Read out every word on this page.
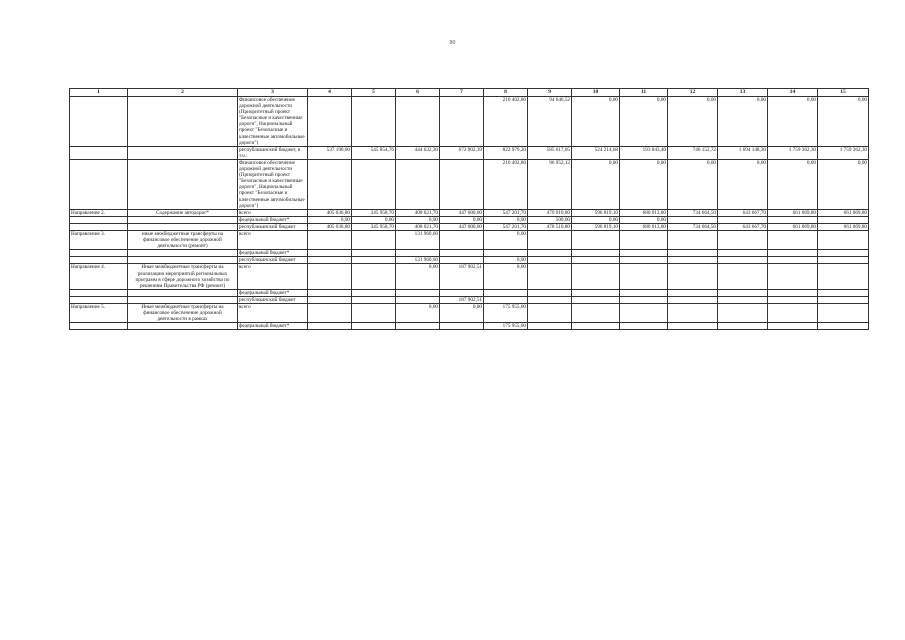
80
1	2	3	4	5	6	7	8	9	10	11	12	13	14	15
		Финансовое обеспечение дорожной деятельности (Приоритетный проект "Безопасные и качественные дороги", Национальный проект "Безопасные и качественные автомобильные дороги")					210 402,80	94 646,52	0,00	0,00	0,00	0,00	0,00	0,00
		республиканский бюджет, в т.ч.:	537 190,00	545 854,76	444 632,30	672 902,39	822 979,20	585 617,05	524 214,68	193 043,40	746 152,72	1 694 148,30	1 759 362,30	1 759 362,30
		Финансовое обеспечение дорожной деятельности (Приоритетный проект "Безопасные и качественные дороги", Национальный проект "Безопасные и качественные автомобильные дороги")					210 402,80	96 952,12	0,00	0,00	0,00	0,00	0,00	0,00
Направление 2.	Содержание автодорог*	всего	405 036,80	345 958,70	408 021,70	447 000,00	547 201,70	479 010,80	596 819,10	680 013,80	734 664,50	643 667,70	661 069,80	661 069,80
		федеральный бюджет*	0,00	0,00	0,00	0,00	0,00	500,00	0,00	0,00				
		республиканский бюджет	405 036,80	345 958,70	408 021,70	447 000,00	547 201,70	478 510,80	596 819,10	680 013,80	734 664,50	643 667,70	661 069,80	661 069,80
Направление 3.	иные межбюджетные трансферты на финансовое обеспечение дорожной деятельности (ремонт)	всего			131 960,60		0,00							
		федеральный бюджет*												
		республиканский бюджет			131 960,60		0,00							
Направление 4.	Иные межбюджетные трансферты на реализацию мероприятий региональных программ в сфере дорожного хозяйства по решениям Правительства РФ (ремонт)	всего			0,00	187 902,51	0,00							
		федеральный бюджет*												
		республиканский бюджет				187 902,51								
Направление 5.	Иные межбюджетные трансферты на финансовое обеспечение дорожной деятельности в рамках	всего			0,00	0,00	175 955,00							
		федеральный бюджет*					175 955,00							
